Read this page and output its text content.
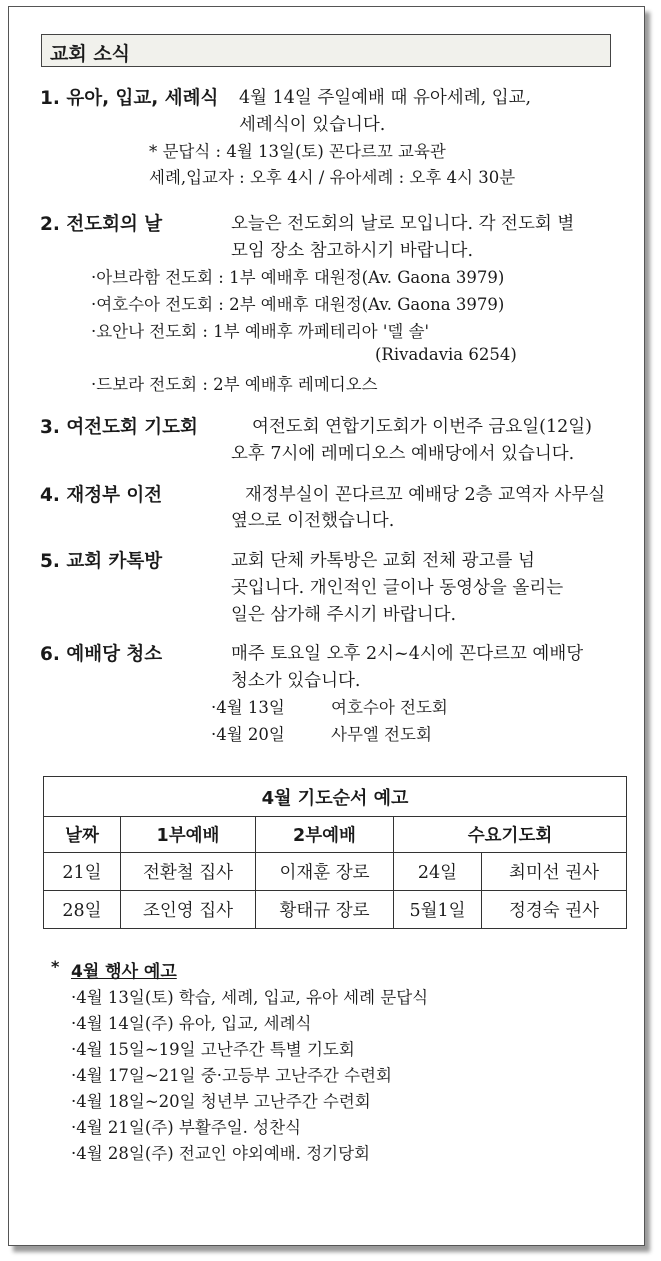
교회 소식
1. 유아, 입교, 세례식 4월 14일 주일예배 때 유아세례, 입교,
세례식이 있습니다.
* 문답식 : 4월 13일(토) 꼰다르꼬 교육관
세례,입교자 : 오후 4시 / 유아세례 : 오후 4시 30분
2. 전도회의 날	오늘은 전도회의 날로 모입니다. 각 전도회 별
모임 장소 참고하시기 바랍니다.
·아브라함 전도회 : 1부 예배후 대원정(Av. Gaona 3979)
·여호수아 전도회 : 2부 예배후 대원정(Av. Gaona 3979)
·요안나 전도회 : 1부 예배후 까페테리아 '델 솔'
(Rivadavia 6254)
·드보라 전도회 : 2부 예배후 레메디오스
3. 여전도회 기도회	여전도회 연합기도회가 이번주 금요일(12일)
오후 7시에 레메디오스 예배당에서 있습니다.
4. 재정부 이전	재정부실이 꼰다르꼬 예배당 2층 교역자 사무실
옆으로 이전했습니다.
5. 교회 카톡방	교회 단체 카톡방은 교회 전체 광고를 넘
곳입니다. 개인적인 글이나 동영상을 올리는
일은 삼가해 주시기 바랍니다.
6. 예배당 청소	매주 토요일 오후 2시~4시에 꼰다르꼬 예배당
청소가 있습니다.
·4월 13일	여호수아 전도회
·4월 20일	사무엘 전도회
4월 기도순서 예고				
날짜	1부예배	2부예배	수요기도회	
21일	전환철 집사	이재훈 장로	24일	최미선 권사
28일	조인영 집사	황태규 장로	5월1일	정경숙 권사
* 4월 행사 예고
·4월 13일(토) 학습, 세례, 입교, 유아 세례 문답식
·4월 14일(주) 유아, 입교, 세례식
·4월 15일~19일 고난주간 특별 기도회
·4월 17일~21일 중·고등부 고난주간 수련회
·4월 18일~20일 청년부 고난주간 수련회
·4월 21일(주) 부활주일. 성찬식
·4월 28일(주) 전교인 야외예배. 정기당회
